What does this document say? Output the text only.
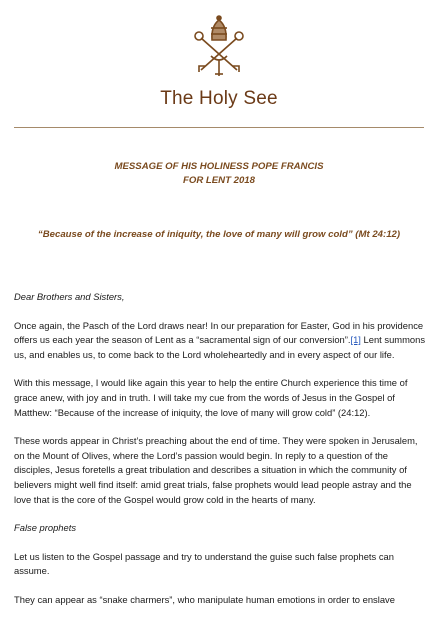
The Holy See
MESSAGE OF HIS HOLINESS POPE FRANCIS
FOR LENT 2018
“Because of the increase of iniquity, the love of many will grow cold” (Mt 24:12)

Dear Brothers and Sisters,

Once again, the Pasch of the Lord draws near! In our preparation for Easter, God in his providence offers us each year the season of Lent as a “sacramental sign of our conversion”.[1] Lent summons us, and enables us, to come back to the Lord wholeheartedly and in every aspect of our life.

With this message, I would like again this year to help the entire Church experience this time of grace anew, with joy and in truth. I will take my cue from the words of Jesus in the Gospel of Matthew: “Because of the increase of iniquity, the love of many will grow cold” (24:12).

These words appear in Christ’s preaching about the end of time. They were spoken in Jerusalem, on the Mount of Olives, where the Lord’s passion would begin. In reply to a question of the disciples, Jesus foretells a great tribulation and describes a situation in which the community of believers might well find itself: amid great trials, false prophets would lead people astray and the love that is the core of the Gospel would grow cold in the hearts of many.

False prophets

Let us listen to the Gospel passage and try to understand the guise such false prophets can assume.

They can appear as “snake charmers”, who manipulate human emotions in order to enslave
